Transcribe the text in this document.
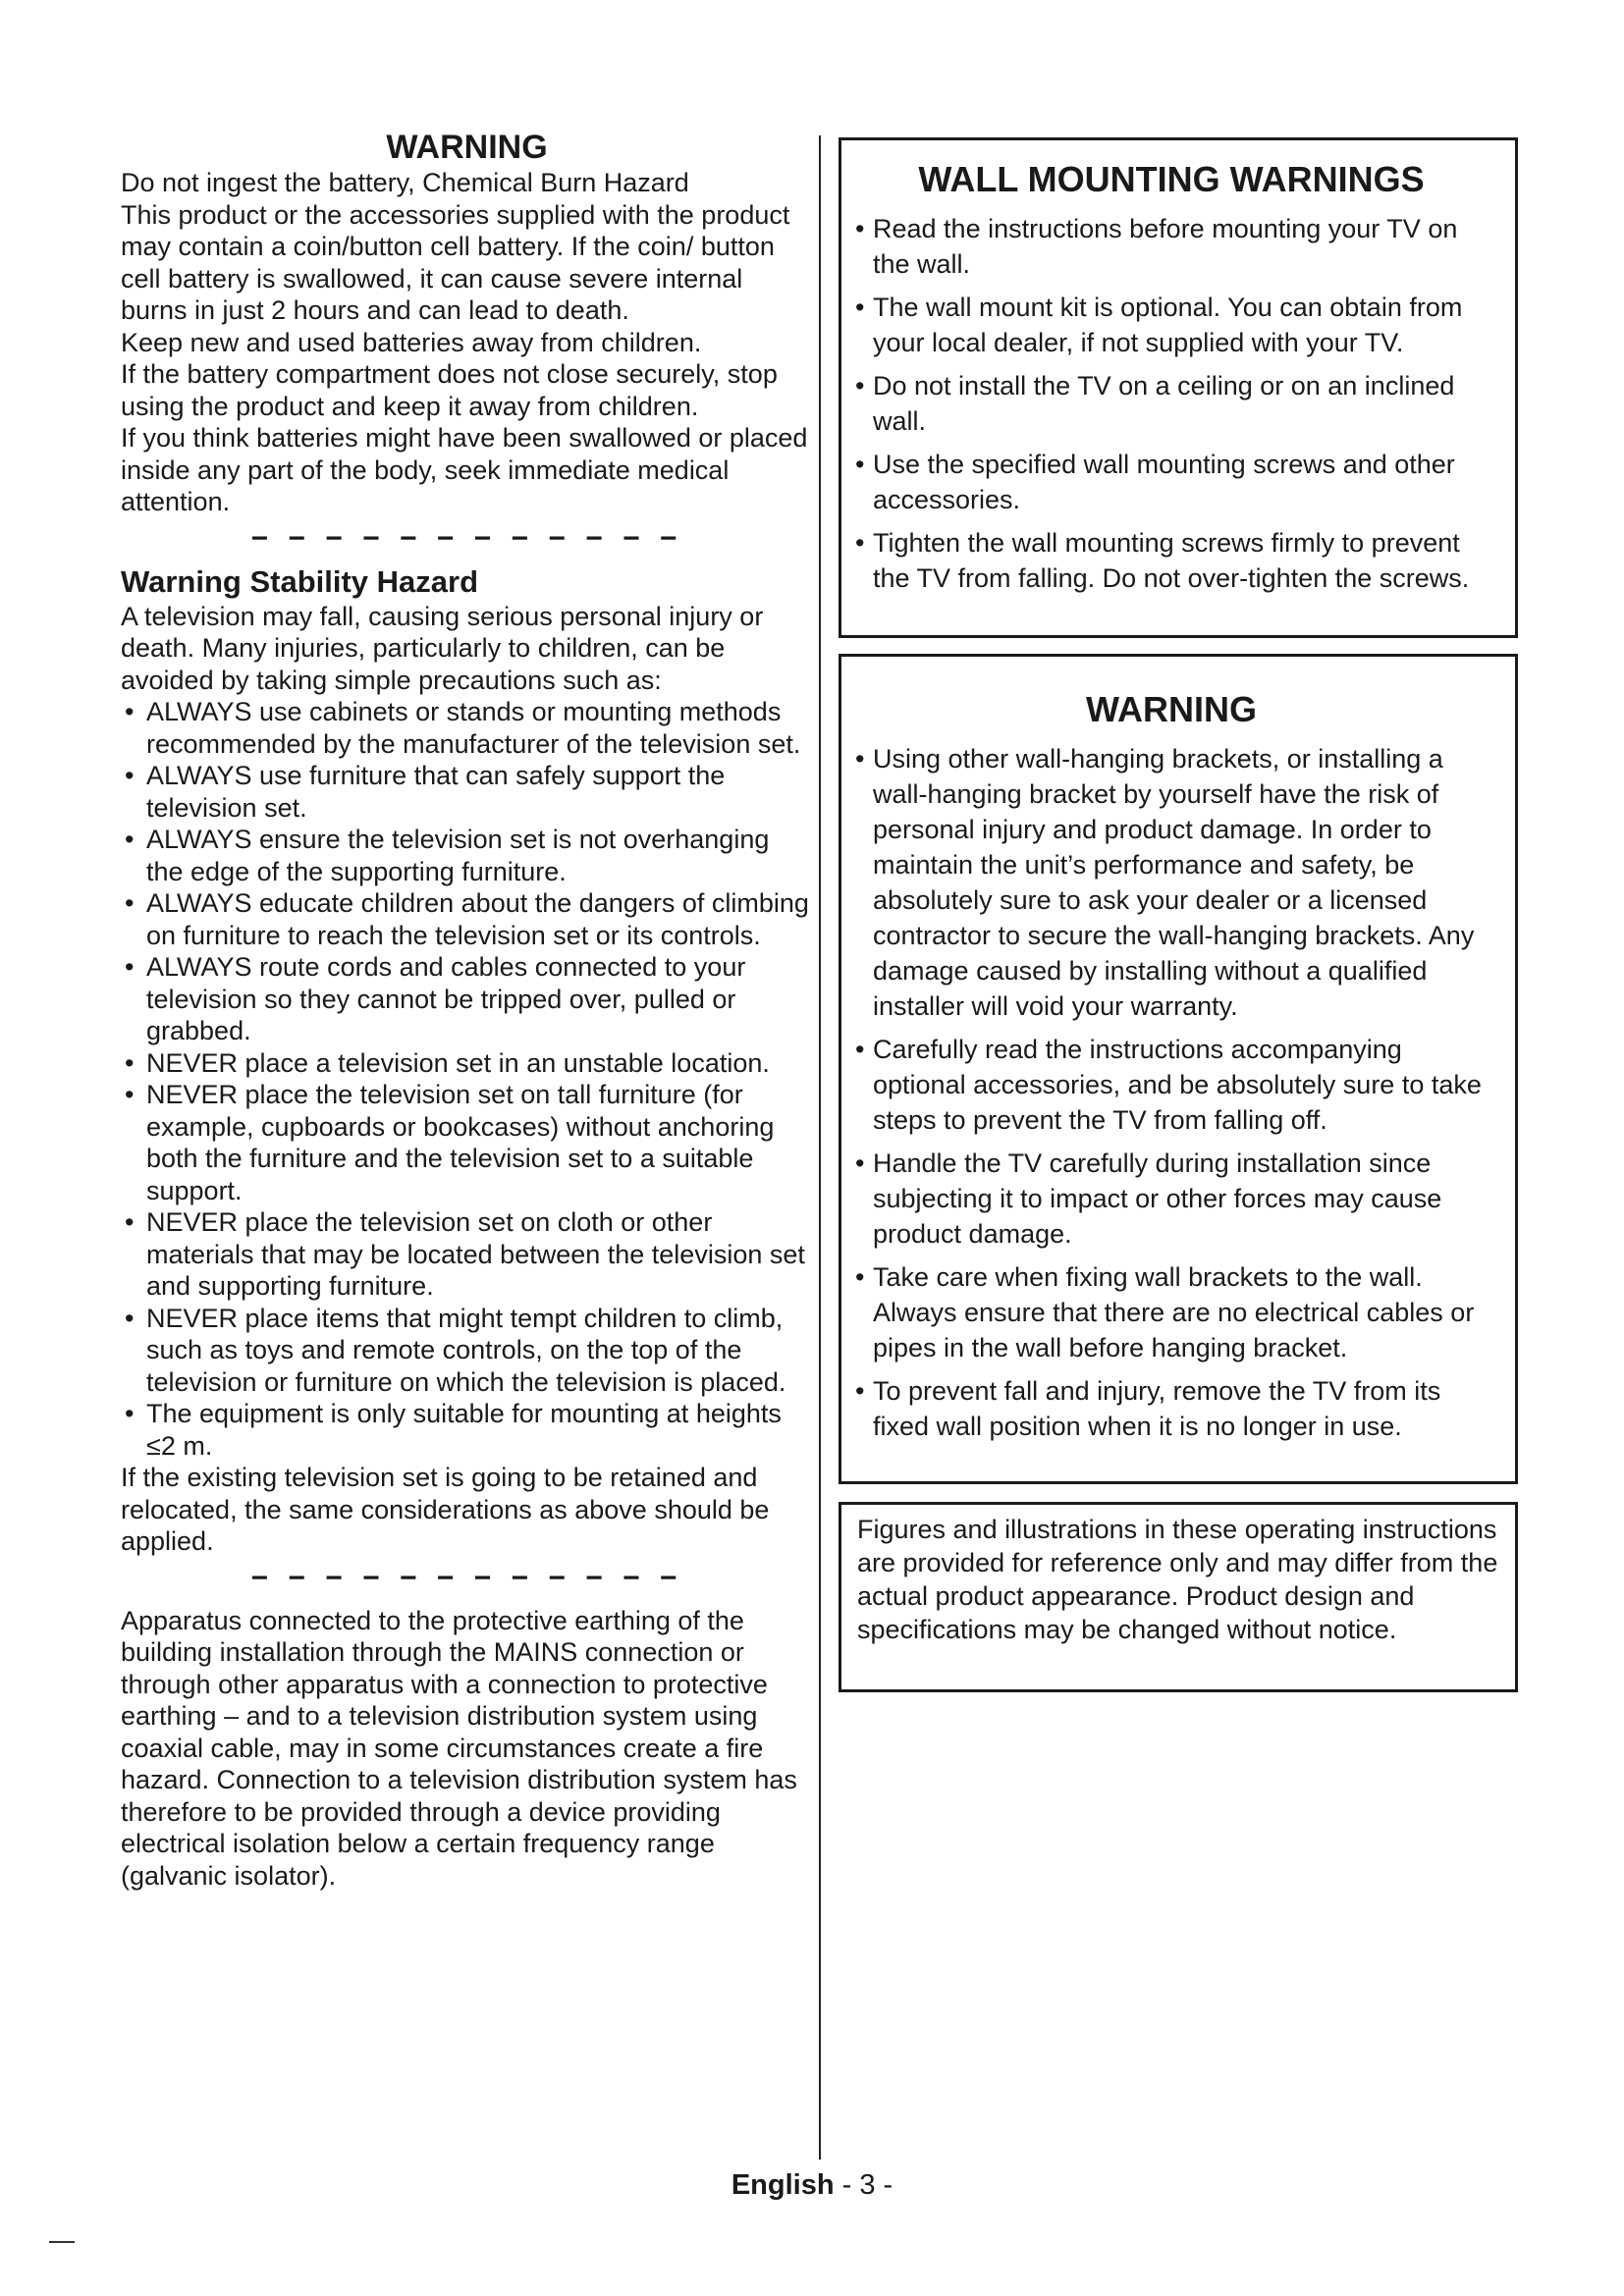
WARNING

Do not ingest the battery, Chemical Burn Hazard

This product or the accessories supplied with the product may contain a coin/button cell battery. If the coin/ button cell battery is swallowed, it can cause severe internal burns in just 2 hours and can lead to death.

Keep new and used batteries away from children.

If the battery compartment does not close securely, stop using the product and keep it away from children.

If you think batteries might have been swallowed or placed inside any part of the body, seek immediate medical attention.

− − − − − − − − − − − −
Warning Stability Hazard

A television may fall, causing serious personal injury or death. Many injuries, particularly to children, can be avoided by taking simple precautions such as:

• ALWAYS use cabinets or stands or mounting methods recommended by the manufacturer of the television set.
• ALWAYS use furniture that can safely support the television set.
• ALWAYS ensure the television set is not overhanging the edge of the supporting furniture.
• ALWAYS educate children about the dangers of climbing on furniture to reach the television set or its controls.
• ALWAYS route cords and cables connected to your television so they cannot be tripped over, pulled or grabbed.
• NEVER place a television set in an unstable location.
• NEVER place the television set on tall furniture (for example, cupboards or bookcases) without anchoring both the furniture and the television set to a suitable support.
• NEVER place the television set on cloth or other materials that may be located between the television set and supporting furniture.
• NEVER place items that might tempt children to climb, such as toys and remote controls, on the top of the television or furniture on which the television is placed.
• The equipment is only suitable for mounting at heights ≤2 m.

If the existing television set is going to be retained and relocated, the same considerations as above should be applied.

− − − − − − − − − − − −

Apparatus connected to the protective earthing of the building installation through the MAINS connection or through other apparatus with a connection to protective earthing – and to a television distribution system using coaxial cable, may in some circumstances create a fire hazard. Connection to a television distribution system has therefore to be provided through a device providing electrical isolation below a certain frequency range (galvanic isolator).

WALL MOUNTING WARNINGS
• Read the instructions before mounting your TV on the wall.
• The wall mount kit is optional. You can obtain from your local dealer, if not supplied with your TV.
• Do not install the TV on a ceiling or on an inclined wall.
• Use the specified wall mounting screws and other accessories.
• Tighten the wall mounting screws firmly to prevent the TV from falling. Do not over-tighten the screws.
WARNING
• Using other wall-hanging brackets, or installing a wall-hanging bracket by yourself have the risk of personal injury and product damage. In order to maintain the unit’s performance and safety, be absolutely sure to ask your dealer or a licensed contractor to secure the wall-hanging brackets. Any damage caused by installing without a qualified installer will void your warranty.
• Carefully read the instructions accompanying optional accessories, and be absolutely sure to take steps to prevent the TV from falling off.
• Handle the TV carefully during installation since subjecting it to impact or other forces may cause product damage.
• Take care when fixing wall brackets to the wall. Always ensure that there are no electrical cables or pipes in the wall before hanging bracket.
• To prevent fall and injury, remove the TV from its fixed wall position when it is no longer in use.
Figures and illustrations in these operating instructions are provided for reference only and may differ from the actual product appearance. Product design and specifications may be changed without notice.
English - 3 -
